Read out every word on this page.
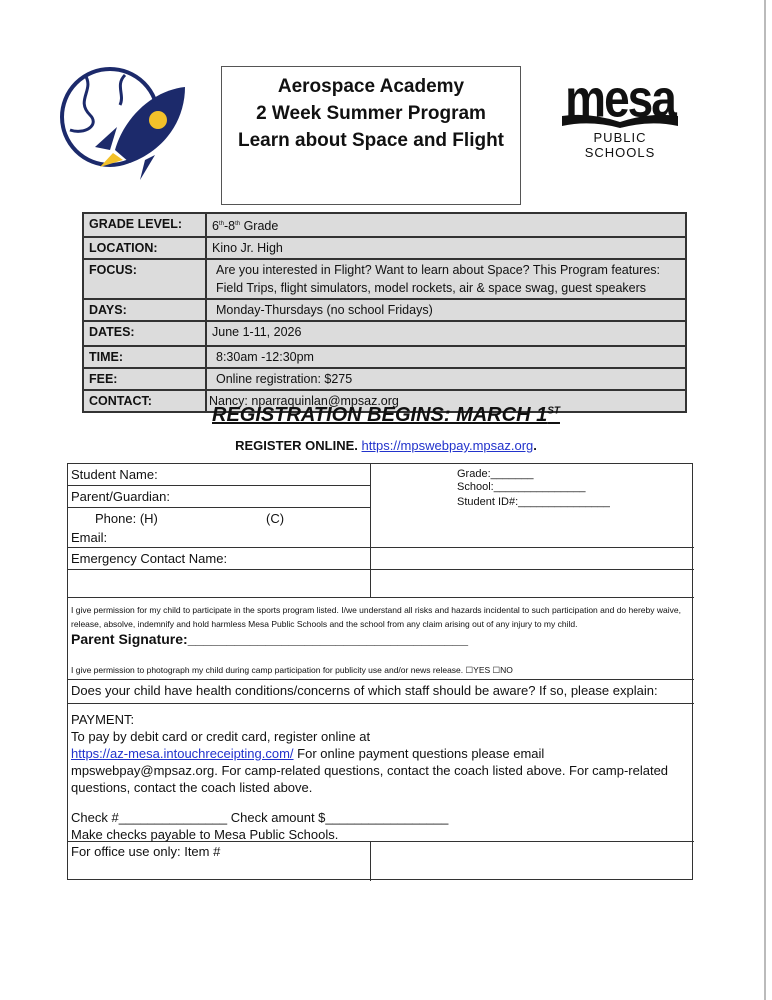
Aerospace Academy
2 Week Summer Program
Learn about Space and Flight
mesa
PUBLIC SCHOOLS
GRADE LEVEL:	6th-8th Grade
LOCATION:	Kino Jr. High
FOCUS:	Are you interested in Flight? Want to learn about Space? This Program features: Field Trips, flight simulators, model rockets, air & space swag, guest speakers
DAYS:	Monday-Thursdays (no school Fridays)
DATES:	June 1-11, 2026
TIME:	8:30am -12:30pm
FEE:	Online registration: $275
CONTACT:	Nancy: nparraquinlan@mpsaz.org
REGISTRATION BEGINS: MARCH 1ST
REGISTER ONLINE. https://mpswebpay.mpsaz.org.
Student Name:
Parent/Guardian:
Phone: (H)	(C)
Email:
Emergency Contact Name:
Grade:_______
School:_______________
Student ID#:_______________
I give permission for my child to participate in the sports program listed. I/we understand all risks and hazards incidental to such participation and do hereby waive, release, absolve, indemnify and hold harmless Mesa Public Schools and the school from any claim arising out of any injury to my child.
Parent Signature:____________________________________
I give permission to photograph my child during camp participation for publicity use and/or news release. ☐YES ☐NO
Does your child have health conditions/concerns of which staff should be aware? If so, please explain:
PAYMENT:
To pay by debit card or credit card, register online at
https://az-mesa.intouchreceipting.com/ For online payment questions please email mpswebpay@mpsaz.org. For camp-related questions, contact the coach listed above. For camp-related questions, contact the coach listed above.
Check #_______________ Check amount $_________________
Make checks payable to Mesa Public Schools.
For office use only: Item #
